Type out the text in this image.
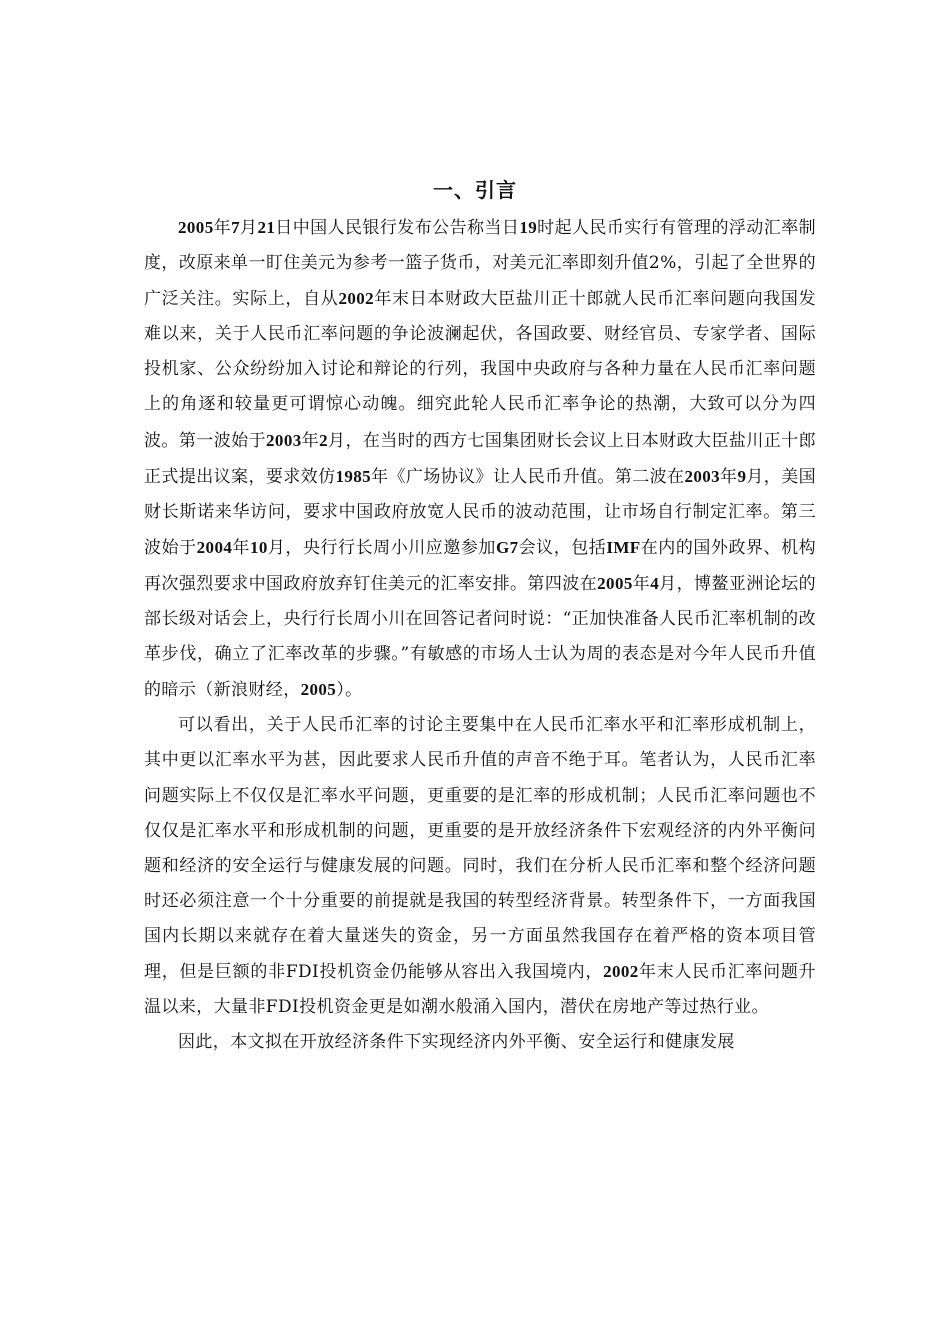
一、引言

2005年7月21日中国人民银行发布公告称当日19时起人民币实行有管理的浮动汇率制度，改原来单一盯住美元为参考一篮子货币，对美元汇率即刻升值2%，引起了全世界的广泛关注。实际上，自从2002年末日本财政大臣盐川正十郎就人民币汇率问题向我国发难以来，关于人民币汇率问题的争论波澜起伏，各国政要、财经官员、专家学者、国际投机家、公众纷纷加入讨论和辩论的行列，我国中央政府与各种力量在人民币汇率问题上的角逐和较量更可谓惊心动魄。细究此轮人民币汇率争论的热潮，大致可以分为四波。第一波始于2003年2月，在当时的西方七国集团财长会议上日本财政大臣盐川正十郎正式提出议案，要求效仿1985年《广场协议》让人民币升值。第二波在2003年9月，美国财长斯诺来华访问，要求中国政府放宽人民币的波动范围，让市场自行制定汇率。第三波始于2004年10月，央行行长周小川应邀参加G7会议，包括IMF在内的国外政界、机构再次强烈要求中国政府放弃钉住美元的汇率安排。第四波在2005年4月，博鳌亚洲论坛的部长级对话会上，央行行长周小川在回答记者问时说：“正加快准备人民币汇率机制的改革步伐，确立了汇率改革的步骤。”有敏感的市场人士认为周的表态是对今年人民币升值的暗示（新浪财经，2005）。

可以看出，关于人民币汇率的讨论主要集中在人民币汇率水平和汇率形成机制上，其中更以汇率水平为甚，因此要求人民币升值的声音不绝于耳。笔者认为，人民币汇率问题实际上不仅仅是汇率水平问题，更重要的是汇率的形成机制；人民币汇率问题也不仅仅是汇率水平和形成机制的问题，更重要的是开放经济条件下宏观经济的内外平衡问题和经济的安全运行与健康发展的问题。同时，我们在分析人民币汇率和整个经济问题时还必须注意一个十分重要的前提就是我国的转型经济背景。转型条件下，一方面我国国内长期以来就存在着大量迷失的资金，另一方面虽然我国存在着严格的资本项目管理，但是巨额的非FDI投机资金仍能够从容出入我国境内，2002年末人民币汇率问题升温以来，大量非FDI投机资金更是如潮水般涌入国内，潜伏在房地产等过热行业。

因此，本文拟在开放经济条件下实现经济内外平衡、安全运行和健康发展
